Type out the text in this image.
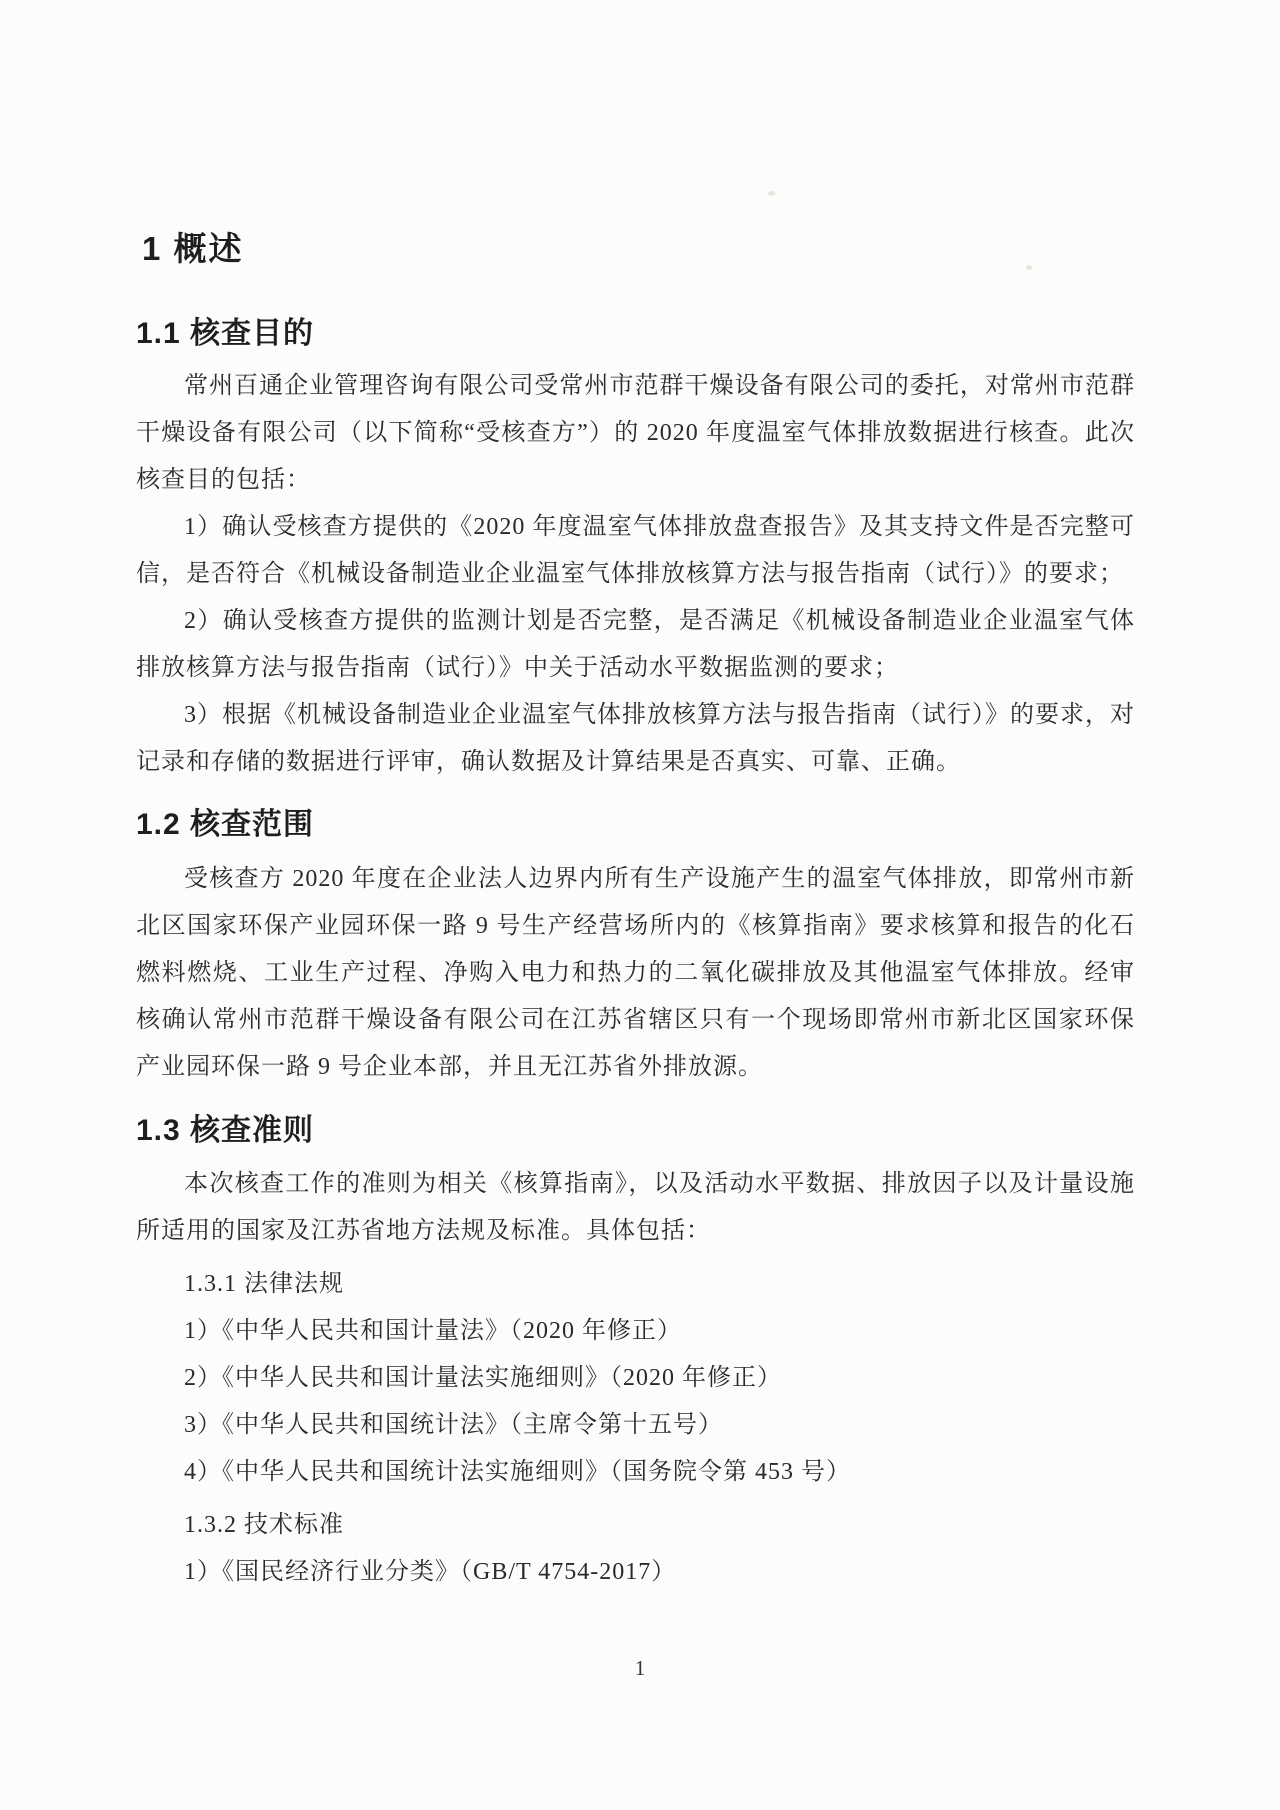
1 概述
1.1 核查目的

常州百通企业管理咨询有限公司受常州市范群干燥设备有限公司的委托，对常州市范群干燥设备有限公司（以下简称“受核查方”）的 2020 年度温室气体排放数据进行核查。此次核查目的包括：

1）确认受核查方提供的《2020 年度温室气体排放盘查报告》及其支持文件是否完整可信，是否符合《机械设备制造业企业温室气体排放核算方法与报告指南（试行）》的要求；

2）确认受核查方提供的监测计划是否完整，是否满足《机械设备制造业企业温室气体排放核算方法与报告指南（试行）》中关于活动水平数据监测的要求；

3）根据《机械设备制造业企业温室气体排放核算方法与报告指南（试行）》的要求，对记录和存储的数据进行评审，确认数据及计算结果是否真实、可靠、正确。

1.2 核查范围

受核查方 2020 年度在企业法人边界内所有生产设施产生的温室气体排放，即常州市新北区国家环保产业园环保一路 9 号生产经营场所内的《核算指南》要求核算和报告的化石燃料燃烧、工业生产过程、净购入电力和热力的二氧化碳排放及其他温室气体排放。经审核确认常州市范群干燥设备有限公司在江苏省辖区只有一个现场即常州市新北区国家环保产业园环保一路 9 号企业本部，并且无江苏省外排放源。

1.3 核查准则

本次核查工作的准则为相关《核算指南》，以及活动水平数据、排放因子以及计量设施所适用的国家及江苏省地方法规及标准。具体包括：

1.3.1 法律法规

1）《中华人民共和国计量法》（2020 年修正）

2）《中华人民共和国计量法实施细则》（2020 年修正）

3）《中华人民共和国统计法》（主席令第十五号）

4）《中华人民共和国统计法实施细则》（国务院令第 453 号）

1.3.2 技术标准

1）《国民经济行业分类》（GB/T 4754-2017）

1
